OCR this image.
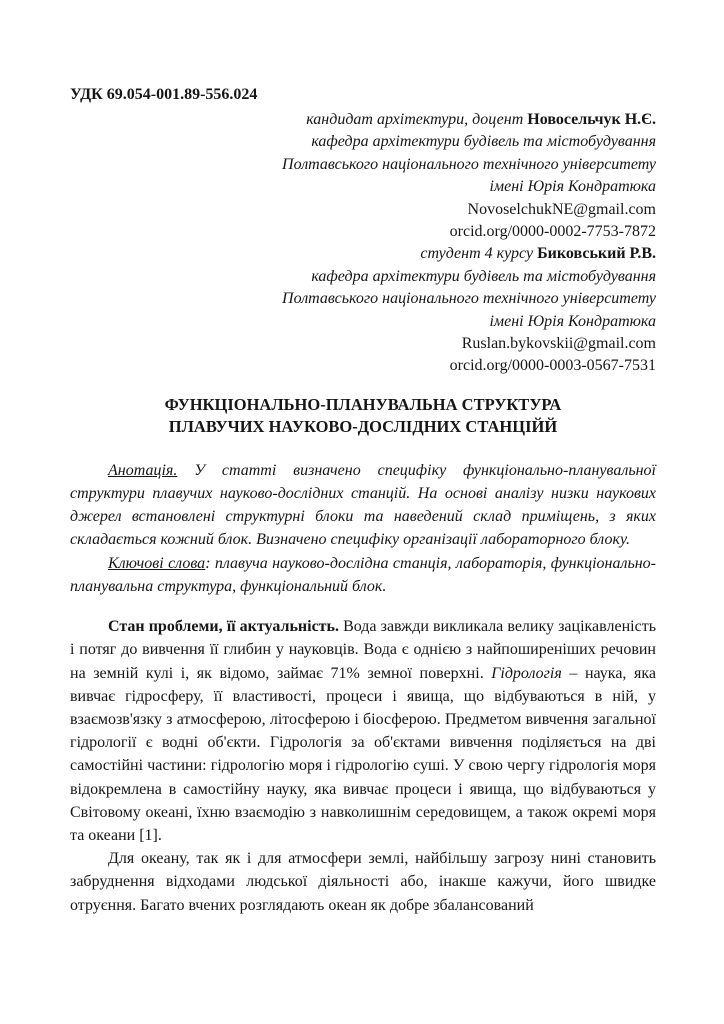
УДК 69.054-001.89-556.024
кандидат архітектури, доцент Новосельчук Н.Є.
кафедра архітектури будівель та містобудування
Полтавського національного технічного університету
імені Юрія Кондратюка
NovoselchukNE@gmail.com
orcid.org/0000-0002-7753-7872
студент 4 курсу Биковський Р.В.
кафедра архітектури будівель та містобудування
Полтавського національного технічного університету
імені Юрія Кондратюка
Ruslan.bykovskii@gmail.com
orcid.org/0000-0003-0567-7531
ФУНКЦІОНАЛЬНО-ПЛАНУВАЛЬНА СТРУКТУРА
ПЛАВУЧИХ НАУКОВО-ДОСЛІДНИХ СТАНЦІЙЙ

Анотація. У статті визначено специфіку функціонально-планувальної структури плавучих науково-дослідних станцій. На основі аналізу низки наукових джерел встановлені структурні блоки та наведений склад приміщень, з яких складається кожний блок. Визначено специфіку організації лабораторного блоку.

Ключові слова: плавуча науково-дослідна станція, лабораторія, функціонально-планувальна структура, функціональний блок.

Стан проблеми, її актуальність. Вода завжди викликала велику зацікавленість і потяг до вивчення її глибин у науковців. Вода є однією з найпоширеніших речовин на земній кулі і, як відомо, займає 71% земної поверхні. Гідрологія – наука, яка вивчає гідросферу, її властивості, процеси і явища, що відбуваються в ній, у взаємозв'язку з атмосферою, літосферою і біосферою. Предметом вивчення загальної гідрології є водні об'єкти. Гідрологія за об'єктами вивчення поділяється на дві самостійні частини: гідрологію моря і гідрологію суші. У свою чергу гідрологія моря відокремлена в самостійну науку, яка вивчає процеси і явища, що відбуваються у Світовому океані, їхню взаємодію з навколишнім середовищем, а також окремі моря та океани [1].

Для океану, так як і для атмосфери землі, найбільшу загрозу нині становить забруднення відходами людської діяльності або, інакше кажучи, його швидке отруєння. Багато вчених розглядають океан як добре збалансований
